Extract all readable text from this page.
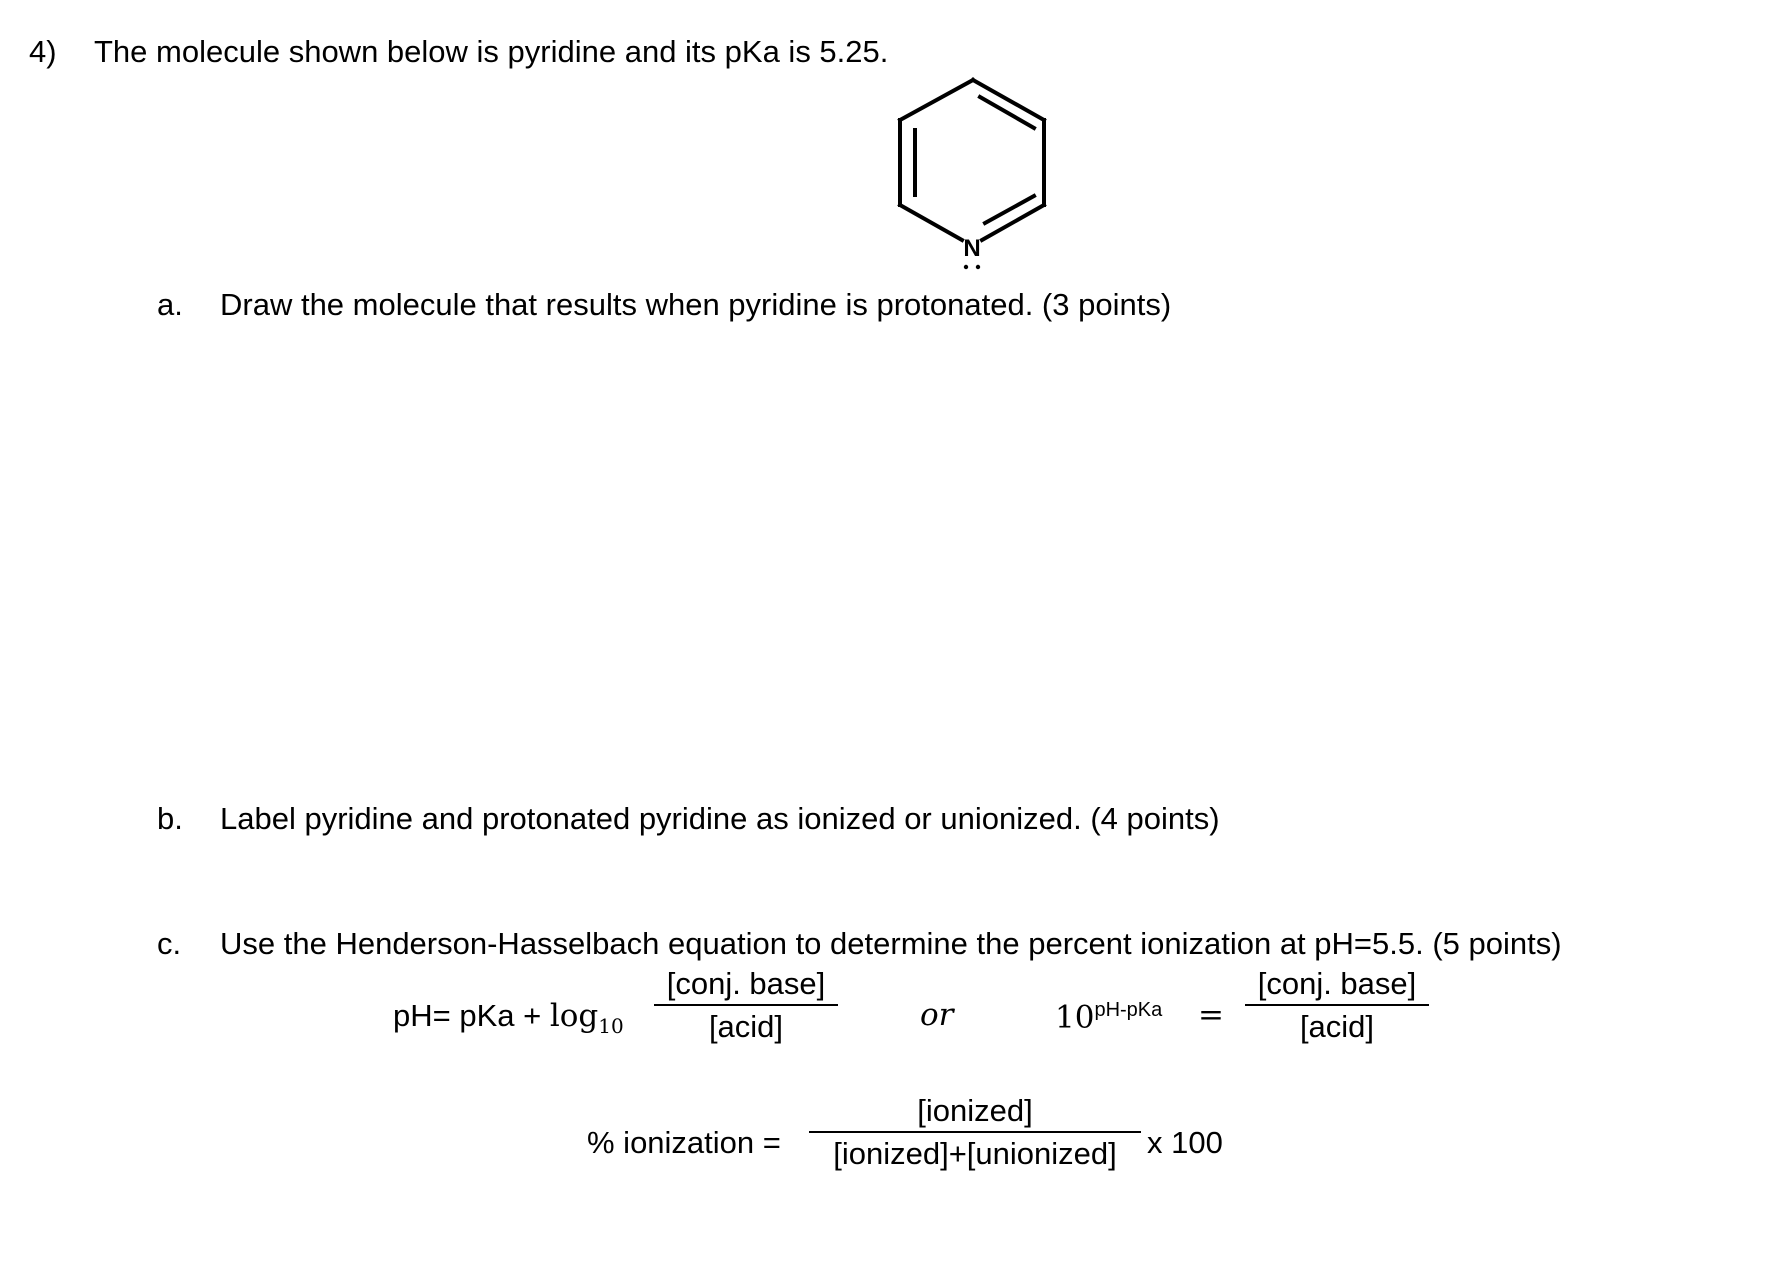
4) The molecule shown below is pyridine and its pKa is 5.25.
N
a. Draw the molecule that results when pyridine is protonated. (3 points)
b. Label pyridine and protonated pyridine as ionized or unionized. (4 points)
c. Use the Henderson-Hasselbach equation to determine the percent ionization at pH=5.5. (5 points)
pH= pKa + $\log_{10}$
[conj. base]
[acid]	or	$10^{pH-pKa}$ =
[conj. base]
[acid]
% ionization =
[ionized]
[ionized]+[unionized] x 100
